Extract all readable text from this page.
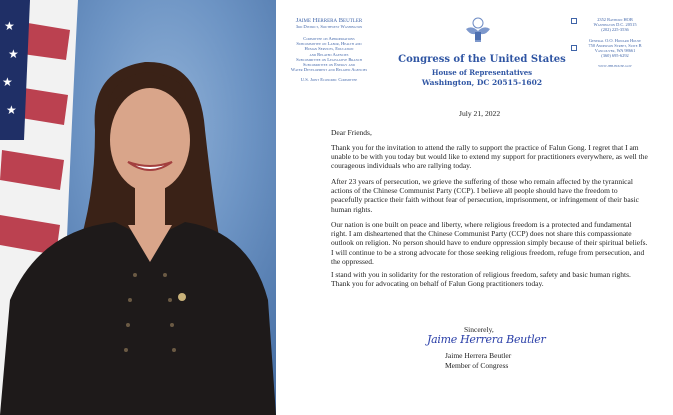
★
★
★
★
Jaime Herrera Beutler
3rd District, Southwest Washington
Committee on Appropriations
Subcommittee on Labor, Health and
Human Services, Education
and Related Agencies
Subcommittee on Legislative Branch
Subcommittee on Energy and
Water Development and Related Agencies
U.S. Joint Economic Committee
Congress of the United States
House of Representatives
Washington, DC 20515-1602
2352 Rayburn HOB
Washington D.C. 20515
(202) 225-3536
General O.O. Howard House
750 Anderson Street, Suite B
Vancouver, WA 98661
(360) 695-6292
www.jhb.house.gov
July 21, 2022
Dear Friends,
Thank you for the invitation to attend the rally to support the practice of Falun Gong. I regret that I am unable to be with you today but would like to extend my support for practitioners everywhere, as well the courageous individuals who are rallying today.
After 23 years of persecution, we grieve the suffering of those who remain affected by the tyrannical actions of the Chinese Communist Party (CCP). I believe all people should have the freedom to peacefully practice their faith without fear of persecution, imprisonment, or infringement of their basic human rights.
Our nation is one built on peace and liberty, where religious freedom is a protected and fundamental right. I am disheartened that the Chinese Communist Party (CCP) does not share this compassionate outlook on religion. No person should have to endure oppression simply because of their spiritual beliefs. I will continue to be a strong advocate for those seeking religious freedom, refuge from persecution, and the oppressed.
I stand with you in solidarity for the restoration of religious freedom, safety and basic human rights. Thank you for advocating on behalf of Falun Gong practitioners today.
Sincerely,
Jaime Herrera Beutler
Jaime Herrera Beutler
Member of Congress
